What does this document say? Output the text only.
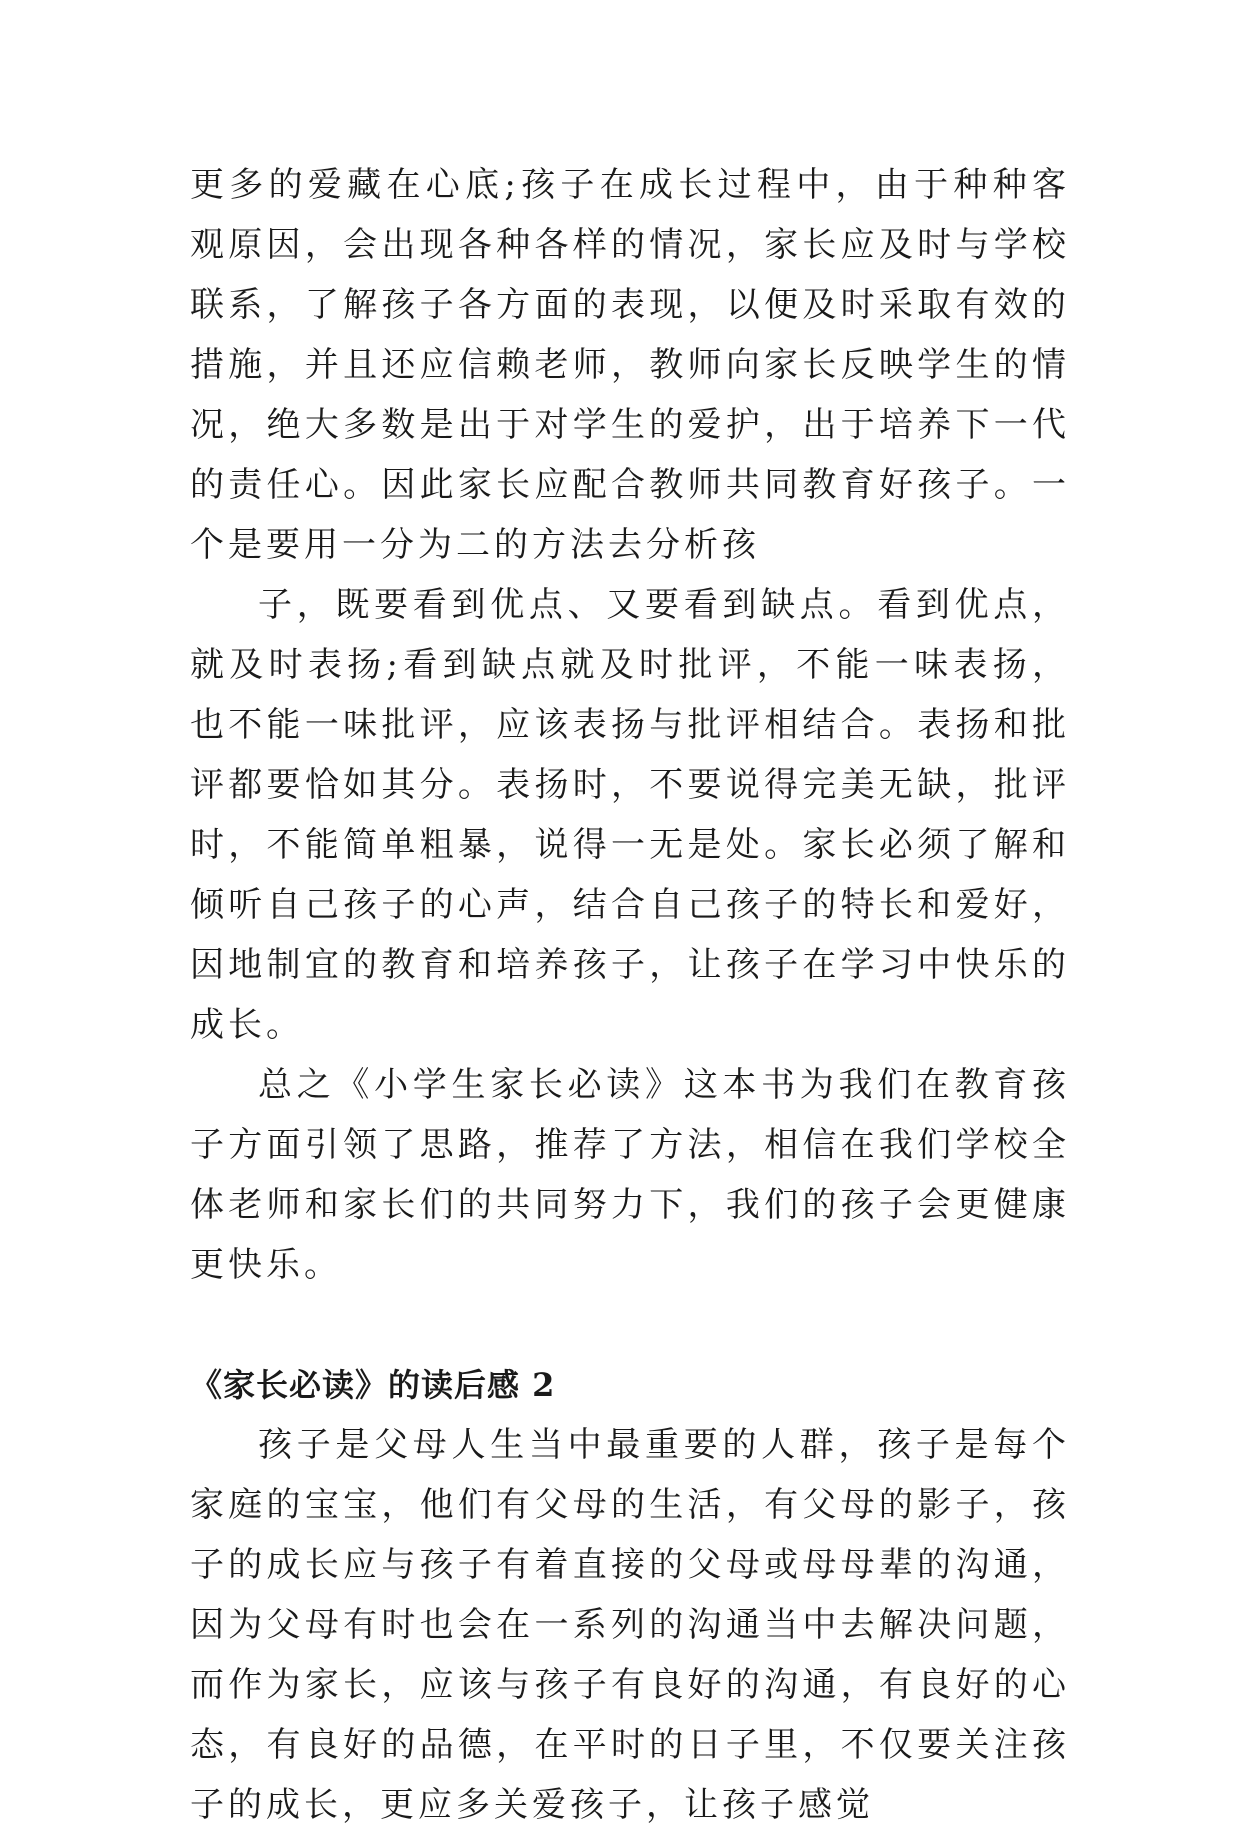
更多的爱藏在心底;孩子在成长过程中，由于种种客观原因，会出现各种各样的情况，家长应及时与学校联系，了解孩子各方面的表现，以便及时采取有效的措施，并且还应信赖老师，教师向家长反映学生的情况，绝大多数是出于对学生的爱护，出于培养下一代的责任心。因此家长应配合教师共同教育好孩子。一个是要用一分为二的方法去分析孩

子，既要看到优点、又要看到缺点。看到优点，就及时表扬;看到缺点就及时批评，不能一味表扬，也不能一味批评，应该表扬与批评相结合。表扬和批评都要恰如其分。表扬时，不要说得完美无缺，批评时，不能简单粗暴，说得一无是处。家长必须了解和倾听自己孩子的心声，结合自己孩子的特长和爱好，因地制宜的教育和培养孩子，让孩子在学习中快乐的成长。

总之《小学生家长必读》这本书为我们在教育孩子方面引领了思路，推荐了方法，相信在我们学校全体老师和家长们的共同努力下，我们的孩子会更健康更快乐。

《家长必读》的读后感 2

孩子是父母人生当中最重要的人群，孩子是每个家庭的宝宝，他们有父母的生活，有父母的影子，孩子的成长应与孩子有着直接的父母或母母辈的沟通，因为父母有时也会在一系列的沟通当中去解决问题，而作为家长，应该与孩子有良好的沟通，有良好的心态，有良好的品德，在平时的日子里，不仅要关注孩子的成长，更应多关爱孩子，让孩子感觉
